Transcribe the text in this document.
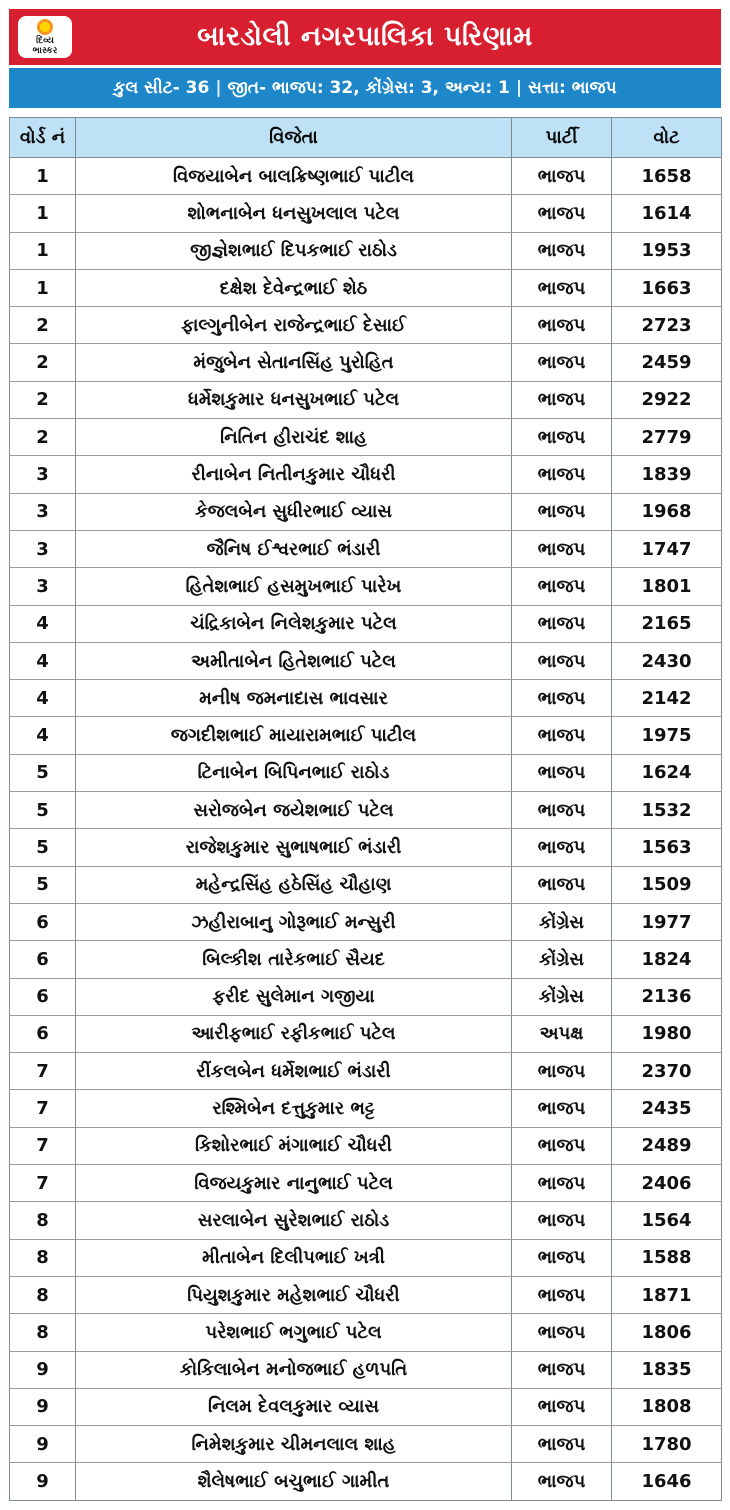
દિવ્ય
ભાસ્કર	બારડોલી નગરપાલિકા પરિણામ
કુલ સીટ- 36 | જીત- ભાજપ: 32, કોંગ્રેસ: 3, અન્ય: 1 | સત્તા: ભાજપ
વોર્ડ નં	વિજેતા	પાર્ટી	વોટ
1	વિજયાબેન બાલક્રિષ્ણભાઈ પાટીલ	ભાજપ	1658
1	શોભનાબેન ધનસુખલાલ પટેલ	ભાજપ	1614
1	જીજ્ઞેશભાઈ દિપકભાઈ રાઠોડ	ભાજપ	1953
1	દક્ષેશ દેવેન્દ્રભાઈ શેઠ	ભાજપ	1663
2	ફાલ્ગુનીબેન રાજેન્દ્રભાઈ દેસાઈ	ભાજપ	2723
2	મંજુબેન સેતાનસિંહ પુરોહિત	ભાજપ	2459
2	ધર્મેશકુમાર ધનસુખભાઈ પટેલ	ભાજપ	2922
2	નિતિન હીરાચંદ શાહ	ભાજપ	2779
3	રીનાબેન નિતીનકુમાર ચૌધરી	ભાજપ	1839
3	કેજલબેન સુધીરભાઈ વ્યાસ	ભાજપ	1968
3	જૈનિષ ઈશ્વરભાઈ ભંડારી	ભાજપ	1747
3	હિતેશભાઈ હસમુખભાઈ પારેખ	ભાજપ	1801
4	ચંદ્રિકાબેન નિલેશકુમાર પટેલ	ભાજપ	2165
4	અમીતાબેન હિતેશભાઈ પટેલ	ભાજપ	2430
4	મનીષ જમનાદાસ ભાવસાર	ભાજપ	2142
4	જગદીશભાઈ માયારામભાઈ પાટીલ	ભાજપ	1975
5	ટિનાબેન બિપિનભાઈ રાઠોડ	ભાજપ	1624
5	સરોજબેન જયેશભાઈ પટેલ	ભાજપ	1532
5	રાજેશકુમાર સુભાષભાઈ ભંડારી	ભાજપ	1563
5	મહેન્દ્રસિંહ હઠેસિંહ ચૌહાણ	ભાજપ	1509
6	ઝહીરાબાનુ ગોરૂભાઈ મન્સુરી	કોંગ્રેસ	1977
6	બિલ્કીશ તારેકભાઈ સૈયદ	કોંગ્રેસ	1824
6	ફરીદ સુલેમાન ગજીયા	કોંગ્રેસ	2136
6	આરીફભાઈ રફીકભાઈ પટેલ	અપક્ષ	1980
7	રીંકલબેન ધર્મેશભાઈ ભંડારી	ભાજપ	2370
7	રશ્મિબેન દત્તુકુમાર ભટ્ટ	ભાજપ	2435
7	કિશોરભાઈ મંગાભાઈ ચૌધરી	ભાજપ	2489
7	વિજયકુમાર નાનુભાઈ પટેલ	ભાજપ	2406
8	સરલાબેન સુરેશભાઈ રાઠોડ	ભાજપ	1564
8	મીતાબેન દિલીપભાઈ ખત્રી	ભાજપ	1588
8	પિયુશકુમાર મહેશભાઈ ચૌધરી	ભાજપ	1871
8	પરેશભાઈ ભગુભાઈ પટેલ	ભાજપ	1806
9	કોકિલાબેન મનોજભાઈ હળપતિ	ભાજપ	1835
9	નિલમ દેવલકુમાર વ્યાસ	ભાજપ	1808
9	નિમેશકુમાર ચીમનલાલ શાહ	ભાજપ	1780
9	શૈલેષભાઈ બચુભાઈ ગામીત	ભાજપ	1646
